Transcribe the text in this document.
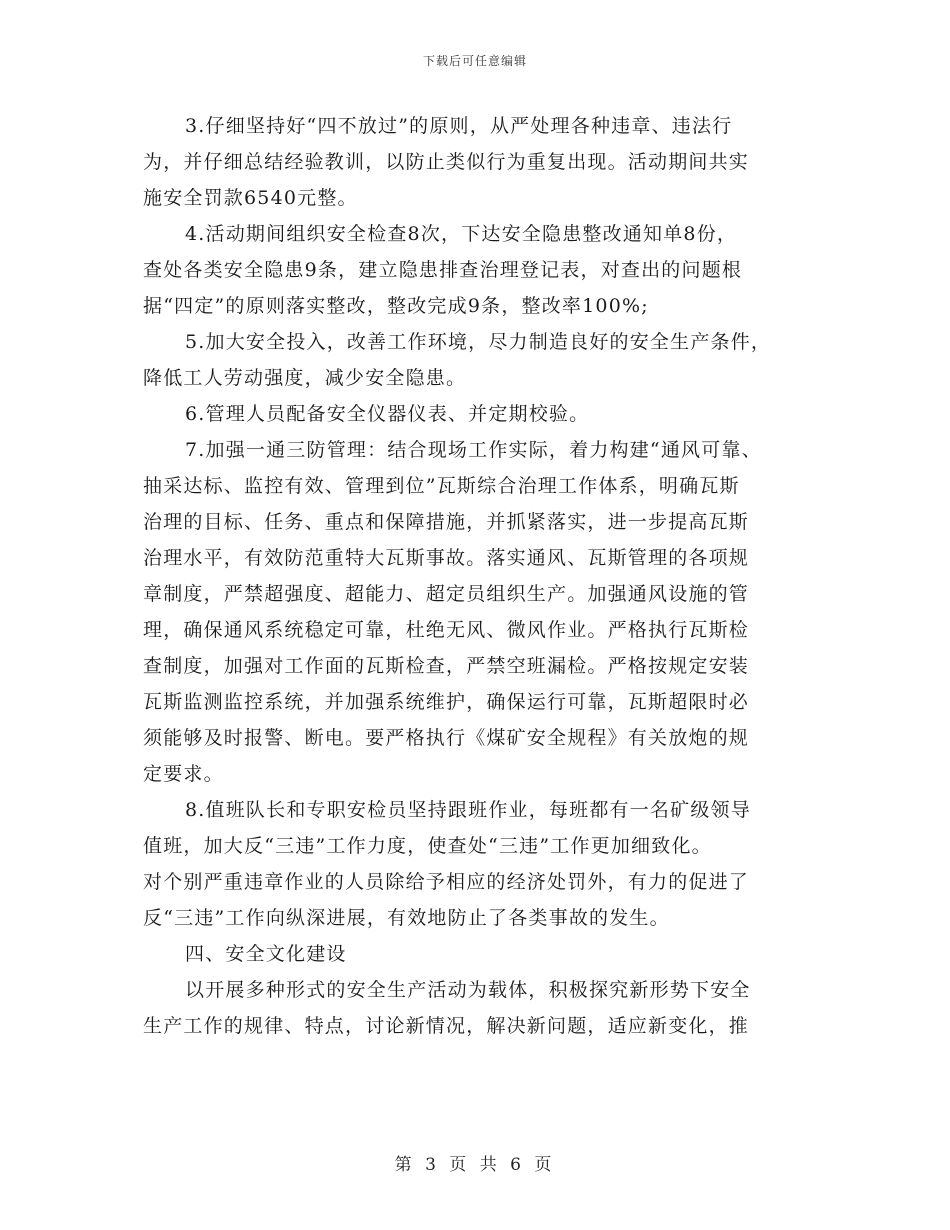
下载后可任意编辑
3.仔细坚持好“四不放过”的原则，从严处理各种违章、违法行
为，并仔细总结经验教训，以防止类似行为重复出现。活动期间共实
施安全罚款6540元整。
4.活动期间组织安全检查8次，下达安全隐患整改通知单8份，
查处各类安全隐患9条，建立隐患排查治理登记表，对查出的问题根
据“四定”的原则落实整改，整改完成9条，整改率100%;
5.加大安全投入，改善工作环境，尽力制造良好的安全生产条件，
降低工人劳动强度，减少安全隐患。
6.管理人员配备安全仪器仪表、并定期校验。
7.加强一通三防管理：结合现场工作实际，着力构建“通风可靠、
抽采达标、监控有效、管理到位”瓦斯综合治理工作体系，明确瓦斯
治理的目标、任务、重点和保障措施，并抓紧落实，进一步提高瓦斯
治理水平，有效防范重特大瓦斯事故。落实通风、瓦斯管理的各项规
章制度，严禁超强度、超能力、超定员组织生产。加强通风设施的管
理，确保通风系统稳定可靠，杜绝无风、微风作业。严格执行瓦斯检
查制度，加强对工作面的瓦斯检查，严禁空班漏检。严格按规定安装
瓦斯监测监控系统，并加强系统维护，确保运行可靠，瓦斯超限时必
须能够及时报警、断电。要严格执行《煤矿安全规程》有关放炮的规
定要求。
8.值班队长和专职安检员坚持跟班作业，每班都有一名矿级领导
值班，加大反“三违”工作力度，使查处“三违”工作更加细致化。
对个别严重违章作业的人员除给予相应的经济处罚外，有力的促进了
反“三违”工作向纵深进展，有效地防止了各类事故的发生。
四、安全文化建设
以开展多种形式的安全生产活动为载体，积极探究新形势下安全
生产工作的规律、特点，讨论新情况，解决新问题，适应新变化，推
第 3 页 共 6 页
